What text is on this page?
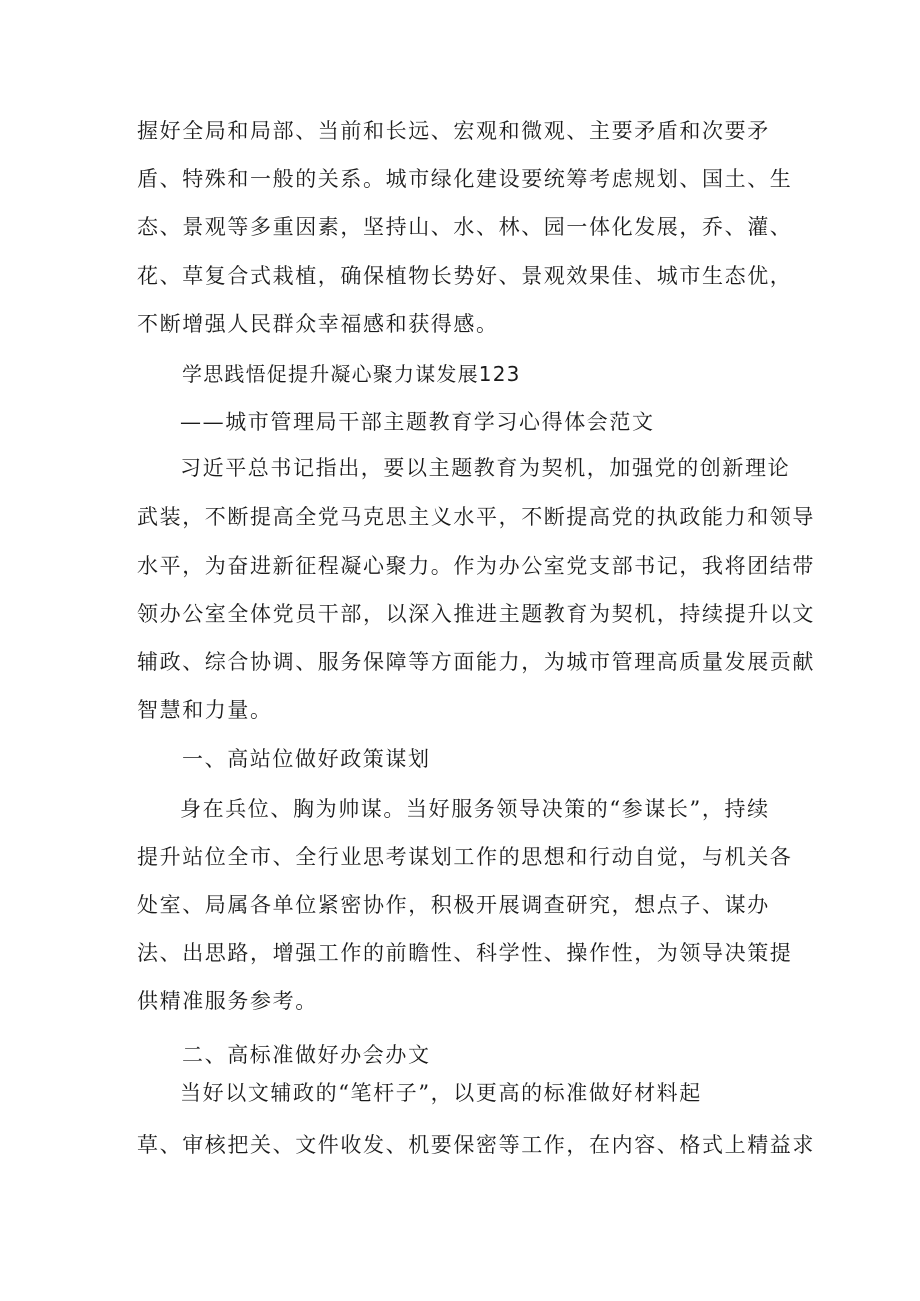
握好全局和局部、当前和长远、宏观和微观、主要矛盾和次要矛
盾、特殊和一般的关系。城市绿化建设要统筹考虑规划、国土、生
态、景观等多重因素，坚持山、水、林、园一体化发展，乔、灌、
花、草复合式栽植，确保植物长势好、景观效果佳、城市生态优，
不断增强人民群众幸福感和获得感。
学思践悟促提升凝心聚力谋发展123
——城市管理局干部主题教育学习心得体会范文
习近平总书记指出，要以主题教育为契机，加强党的创新理论
武装，不断提高全党马克思主义水平，不断提高党的执政能力和领导
水平，为奋进新征程凝心聚力。作为办公室党支部书记，我将团结带
领办公室全体党员干部，以深入推进主题教育为契机，持续提升以文
辅政、综合协调、服务保障等方面能力，为城市管理高质量发展贡献
智慧和力量。
一、高站位做好政策谋划
身在兵位、胸为帅谋。当好服务领导决策的“参谋长”，持续
提升站位全市、全行业思考谋划工作的思想和行动自觉，与机关各
处室、局属各单位紧密协作，积极开展调查研究，想点子、谋办
法、出思路，增强工作的前瞻性、科学性、操作性，为领导决策提
供精准服务参考。
二、高标准做好办会办文
当好以文辅政的“笔杆子”，以更高的标准做好材料起
草、审核把关、文件收发、机要保密等工作，在内容、格式上精益求
